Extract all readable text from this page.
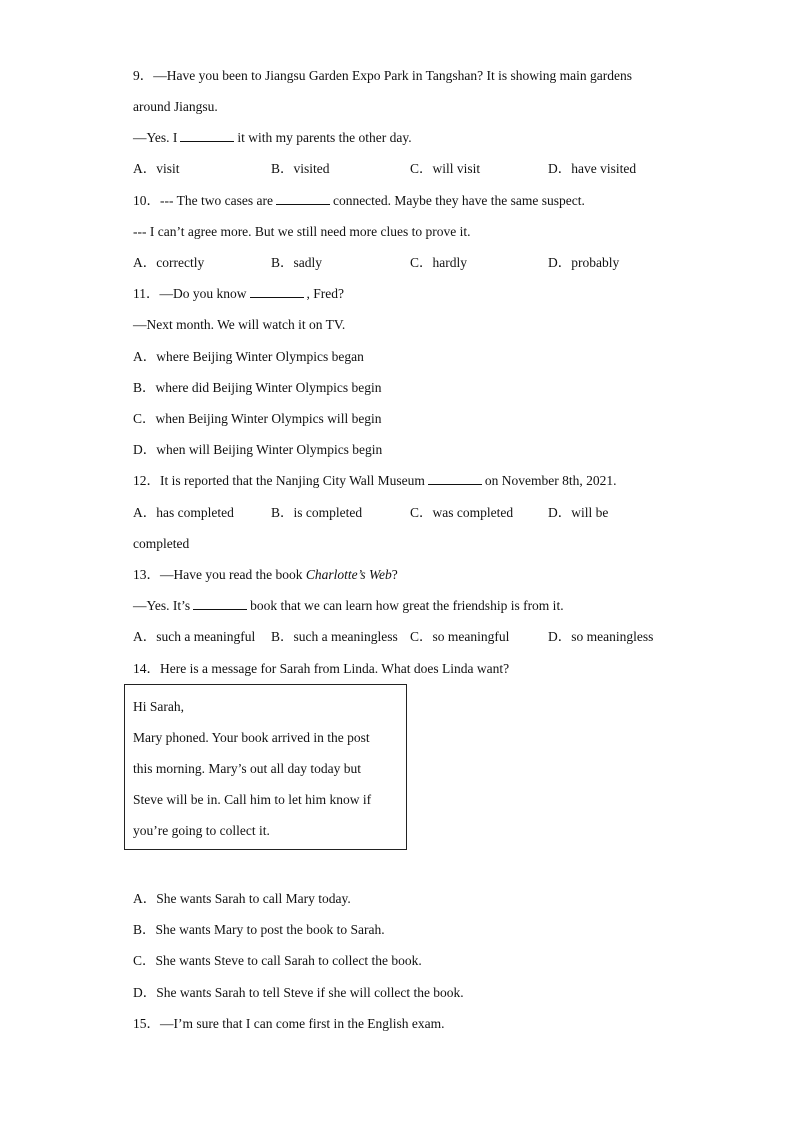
9．—Have you been to Jiangsu Garden Expo Park in Tangshan? It is showing main gardens
around Jiangsu.
—Yes. I	it with my parents the other day.
A．visit	B．visited	C．will visit	D．have visited
10．--- The two cases are	connected. Maybe they have the same suspect.
--- I can’t agree more. But we still need more clues to prove it.
A．correctly	B．sadly	C．hardly	D．probably
11．—Do you know	, Fred?
—Next month. We will watch it on TV.
A．where Beijing Winter Olympics began
B．where did Beijing Winter Olympics begin
C．when Beijing Winter Olympics will begin
D．when will Beijing Winter Olympics begin
12．It is reported that the Nanjing City Wall Museum	on November 8th, 2021.
A．has completed	B．is completed	C．was completed	D．will be
completed
13．—Have you read the book Charlotte’s Web?
—Yes. It’s	book that we can learn how great the friendship is from it.
A．such a meaningful B．such a meaningless C．so meaningful	D．so meaningless
14．Here is a message for Sarah from Linda. What does Linda want?
Hi Sarah,
Mary phoned. Your book arrived in the post
this morning. Mary’s out all day today but
Steve will be in. Call him to let him know if
you’re going to collect it.
A．She wants Sarah to call Mary today.
B．She wants Mary to post the book to Sarah.
C．She wants Steve to call Sarah to collect the book.
D．She wants Sarah to tell Steve if she will collect the book.
15．—I’m sure that I can come first in the English exam.
